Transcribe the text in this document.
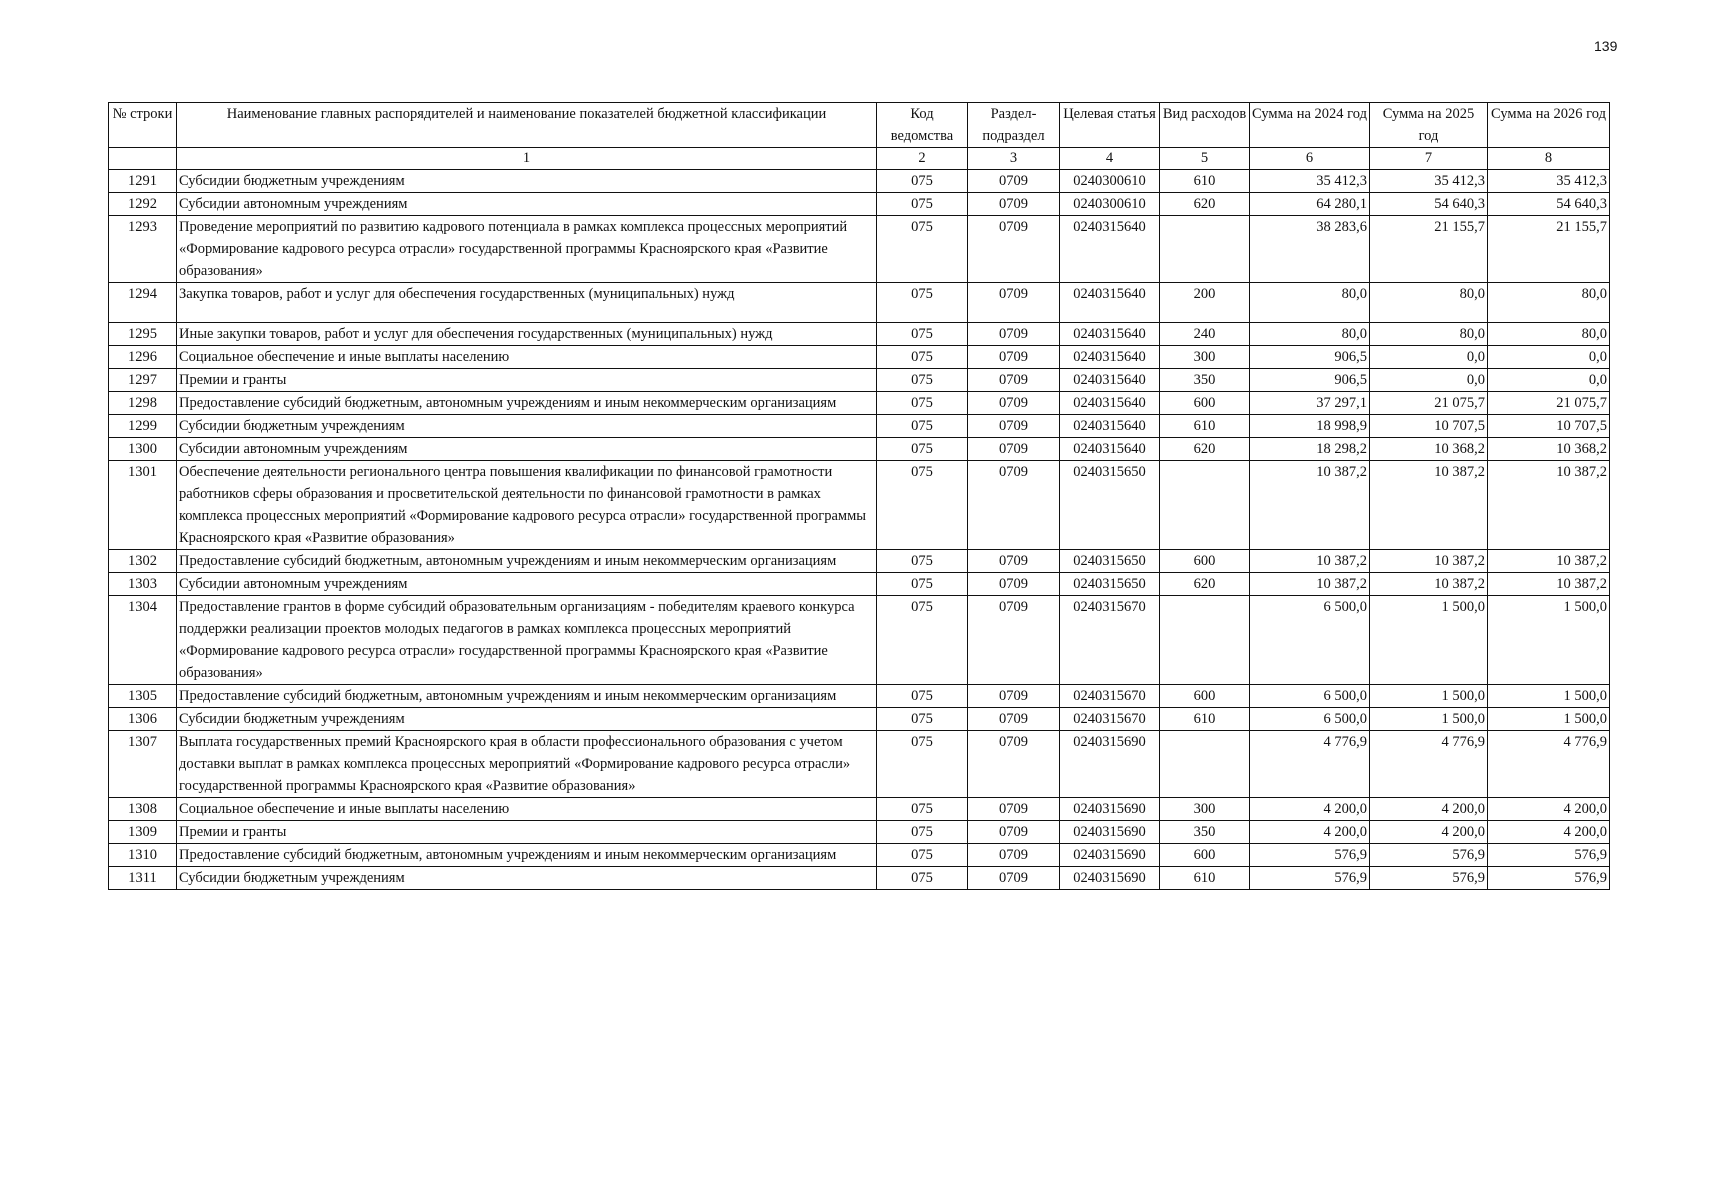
139
№ строки	Наименование главных распорядителей и наименование показателей бюджетной классификации	Код ведомства	Раздел-подраздел	Целевая статья	Вид расходов	Сумма на 2024 год	Сумма на 2025 год	Сумма на 2026 год
	1	2	3	4	5	6	7	8
1291	Субсидии бюджетным учреждениям	075	0709	0240300610	610	35 412,3	35 412,3	35 412,3
1292	Субсидии автономным учреждениям	075	0709	0240300610	620	64 280,1	54 640,3	54 640,3
1293	Проведение мероприятий по развитию кадрового потенциала в рамках комплекса процессных мероприятий «Формирование кадрового ресурса отрасли» государственной программы Красноярского края «Развитие образования»	075	0709	0240315640		38 283,6	21 155,7	21 155,7
1294	Закупка товаров, работ и услуг для обеспечения государственных (муниципальных) нужд	075	0709	0240315640	200	80,0	80,0	80,0
1295	Иные закупки товаров, работ и услуг для обеспечения государственных (муниципальных) нужд	075	0709	0240315640	240	80,0	80,0	80,0
1296	Социальное обеспечение и иные выплаты населению	075	0709	0240315640	300	906,5	0,0	0,0
1297	Премии и гранты	075	0709	0240315640	350	906,5	0,0	0,0
1298	Предоставление субсидий бюджетным, автономным учреждениям и иным некоммерческим организациям	075	0709	0240315640	600	37 297,1	21 075,7	21 075,7
1299	Субсидии бюджетным учреждениям	075	0709	0240315640	610	18 998,9	10 707,5	10 707,5
1300	Субсидии автономным учреждениям	075	0709	0240315640	620	18 298,2	10 368,2	10 368,2
1301	Обеспечение деятельности регионального центра повышения квалификации по финансовой грамотности работников сферы образования и просветительской деятельности по финансовой грамотности в рамках комплекса процессных мероприятий «Формирование кадрового ресурса отрасли» государственной программы Красноярского края «Развитие образования»	075	0709	0240315650		10 387,2	10 387,2	10 387,2
1302	Предоставление субсидий бюджетным, автономным учреждениям и иным некоммерческим организациям	075	0709	0240315650	600	10 387,2	10 387,2	10 387,2
1303	Субсидии автономным учреждениям	075	0709	0240315650	620	10 387,2	10 387,2	10 387,2
1304	Предоставление грантов в форме субсидий образовательным организациям - победителям краевого конкурса поддержки реализации проектов молодых педагогов в рамках комплекса процессных мероприятий «Формирование кадрового ресурса отрасли» государственной программы Красноярского края «Развитие образования»	075	0709	0240315670		6 500,0	1 500,0	1 500,0
1305	Предоставление субсидий бюджетным, автономным учреждениям и иным некоммерческим организациям	075	0709	0240315670	600	6 500,0	1 500,0	1 500,0
1306	Субсидии бюджетным учреждениям	075	0709	0240315670	610	6 500,0	1 500,0	1 500,0
1307	Выплата государственных премий Красноярского края в области профессионального образования с учетом доставки выплат в рамках комплекса процессных мероприятий «Формирование кадрового ресурса отрасли» государственной программы Красноярского края «Развитие образования»	075	0709	0240315690		4 776,9	4 776,9	4 776,9
1308	Социальное обеспечение и иные выплаты населению	075	0709	0240315690	300	4 200,0	4 200,0	4 200,0
1309	Премии и гранты	075	0709	0240315690	350	4 200,0	4 200,0	4 200,0
1310	Предоставление субсидий бюджетным, автономным учреждениям и иным некоммерческим организациям	075	0709	0240315690	600	576,9	576,9	576,9
1311	Субсидии бюджетным учреждениям	075	0709	0240315690	610	576,9	576,9	576,9
